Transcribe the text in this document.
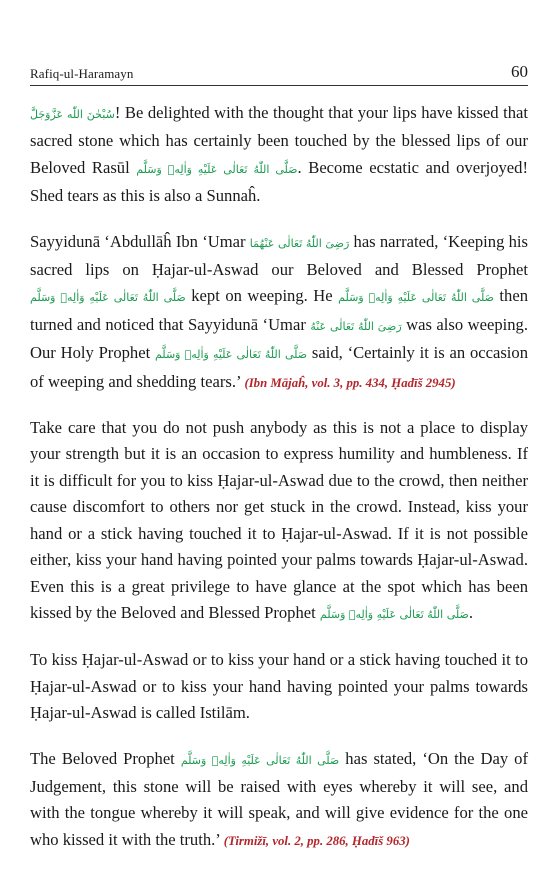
Rafiq-ul-Haramayn	60

سُبْحٰنَ اللّٰه عَزَّوَجَلَّ! Be delighted with the thought that your lips have kissed that sacred stone which has certainly been touched by the blessed lips of our Beloved Rasūl صَلَّی اللّٰهُ تَعَالٰی عَلَيْهِ وَاٰلِهٖ وَسَلَّم. Become ecstatic and overjoyed! Shed tears as this is also a Sunnaĥ.

Sayyidunā ‘Abdullāĥ Ibn ‘Umar رَضِیَ اللّٰهُ تَعَالٰی عَنْهُمَا has narrated, ‘Keeping his sacred lips on Ḥajar-ul-Aswad our Beloved and Blessed Prophet صَلَّی اللّٰهُ تَعَالٰی عَلَيْهِ وَاٰلِهٖ وَسَلَّم kept on weeping. He صَلَّی اللّٰهُ تَعَالٰی عَلَيْهِ وَاٰلِهٖ وَسَلَّم then turned and noticed that Sayyidunā ‘Umar رَضِیَ اللّٰهُ تَعَالٰی عَنْهُ was also weeping. Our Holy Prophet صَلَّی اللّٰهُ تَعَالٰی عَلَيْهِ وَاٰلِهٖ وَسَلَّم said, ‘Certainly it is an occasion of weeping and shedding tears.’ (Ibn Mājaĥ, vol. 3, pp. 434, Ḥadīš 2945)

Take care that you do not push anybody as this is not a place to display your strength but it is an occasion to express humility and humbleness. If it is difficult for you to kiss Ḥajar-ul-Aswad due to the crowd, then neither cause discomfort to others nor get stuck in the crowd. Instead, kiss your hand or a stick having touched it to Ḥajar-ul-Aswad. If it is not possible either, kiss your hand having pointed your palms towards Ḥajar-ul-Aswad. Even this is a great privilege to have glance at the spot which has been kissed by the Beloved and Blessed Prophet صَلَّی اللّٰهُ تَعَالٰی عَلَيْهِ وَاٰلِهٖ وَسَلَّم.

To kiss Ḥajar-ul-Aswad or to kiss your hand or a stick having touched it to Ḥajar-ul-Aswad or to kiss your hand having pointed your palms towards Ḥajar-ul-Aswad is called Istilām.

The Beloved Prophet صَلَّی اللّٰهُ تَعَالٰی عَلَيْهِ وَاٰلِهٖ وَسَلَّم has stated, ‘On the Day of Judgement, this stone will be raised with eyes whereby it will see, and with the tongue whereby it will speak, and will give evidence for the one who kissed it with the truth.’ (Tirmižī, vol. 2, pp. 286, Ḥadīš 963)
